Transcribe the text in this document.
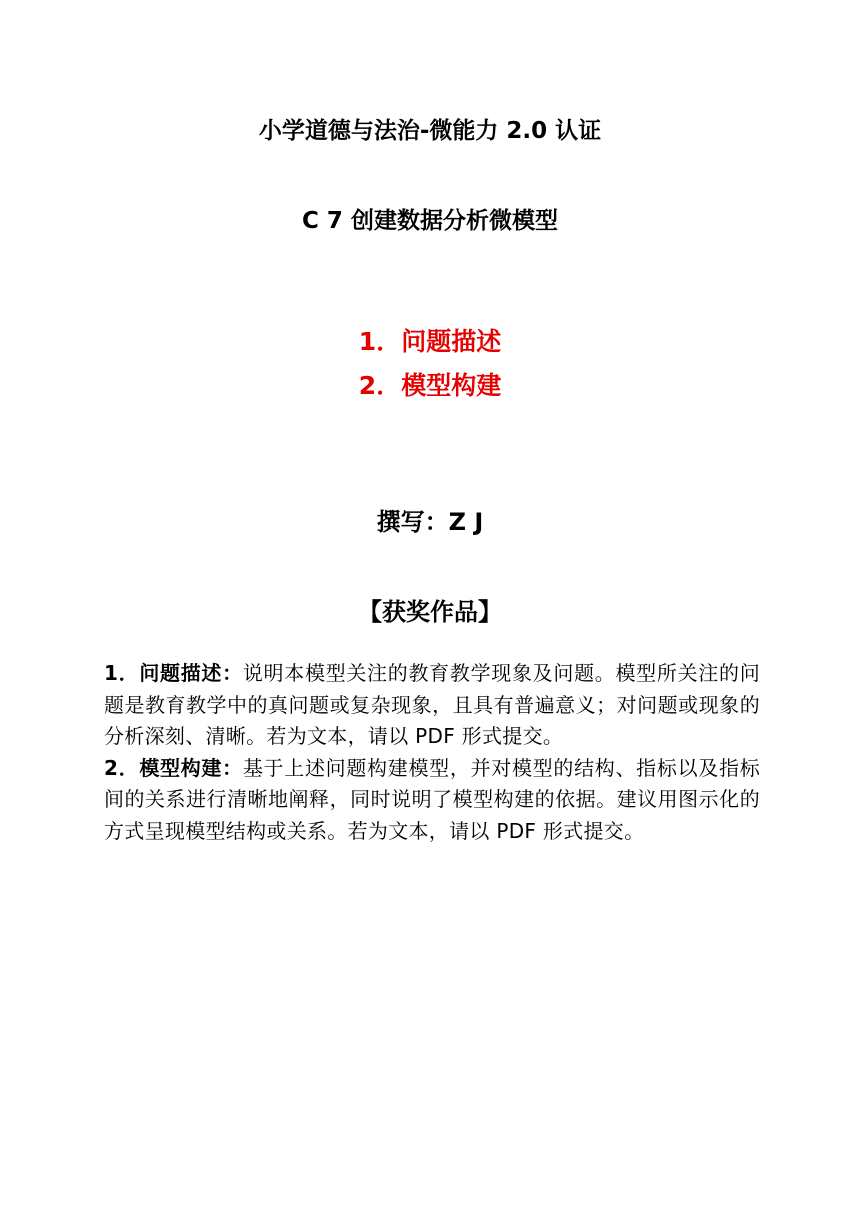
小学道德与法治-微能力 2.0 认证
C 7 创建数据分析微模型
1．问题描述
2．模型构建
撰写：Z J
【获奖作品】

1．问题描述：说明本模型关注的教育教学现象及问题。模型所关注的问题是教育教学中的真问题或复杂现象，且具有普遍意义；对问题或现象的分析深刻、清晰。若为文本，请以 PDF 形式提交。

2．模型构建：基于上述问题构建模型，并对模型的结构、指标以及指标间的关系进行清晰地阐释，同时说明了模型构建的依据。建议用图示化的方式呈现模型结构或关系。若为文本，请以 PDF 形式提交。
